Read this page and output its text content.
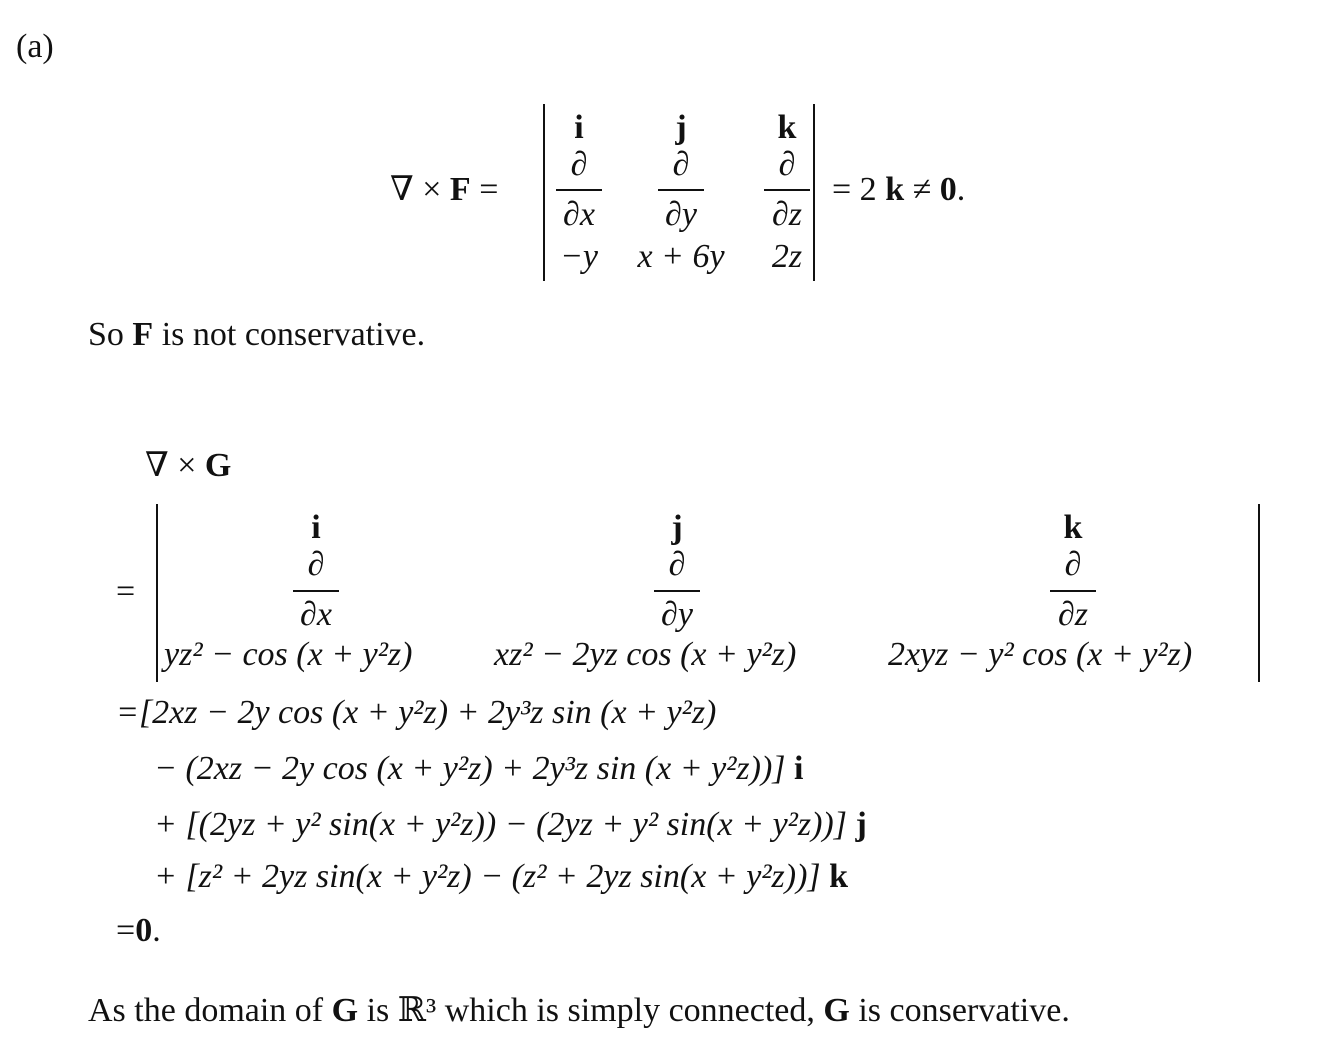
(a)
∇ × F =
i
∂
∂x
−y
j
∂
∂y
x + 6y
k
∂
∂z
2z
= 2 k ≠ 0.
So F is not conservative.
∇ × G
=
i
∂
∂x
yz² − cos (x + y²z)
j
∂
∂y
xz² − 2yz cos (x + y²z)
k
∂
∂z
2xyz − y² cos (x + y²z)
=[2xz − 2y cos (x + y²z) + 2y³z sin (x + y²z)
− (2xz − 2y cos (x + y²z) + 2y³z sin (x + y²z))] i
+ [(2yz + y² sin(x + y²z)) − (2yz + y² sin(x + y²z))] j
+ [z² + 2yz sin(x + y²z) − (z² + 2yz sin(x + y²z))] k
=0.
As the domain of G is ℝ³ which is simply connected, G is conservative.
